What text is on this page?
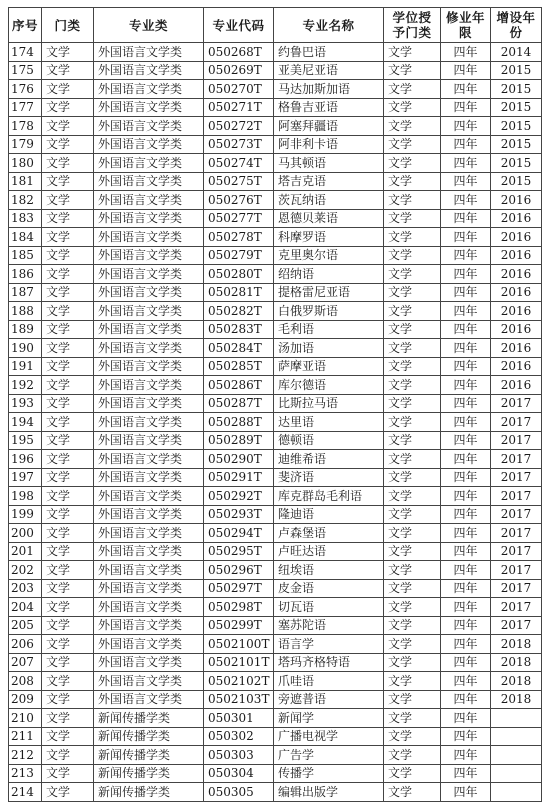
序号	门类	专业类	专业代码	专业名称	学位授予门类	修业年限	增设年份
174	文学	外国语言文学类	050268T	约鲁巴语	文学	四年	2014
175	文学	外国语言文学类	050269T	亚美尼亚语	文学	四年	2015
176	文学	外国语言文学类	050270T	马达加斯加语	文学	四年	2015
177	文学	外国语言文学类	050271T	格鲁吉亚语	文学	四年	2015
178	文学	外国语言文学类	050272T	阿塞拜疆语	文学	四年	2015
179	文学	外国语言文学类	050273T	阿非利卡语	文学	四年	2015
180	文学	外国语言文学类	050274T	马其顿语	文学	四年	2015
181	文学	外国语言文学类	050275T	塔吉克语	文学	四年	2015
182	文学	外国语言文学类	050276T	茨瓦纳语	文学	四年	2016
183	文学	外国语言文学类	050277T	恩德贝莱语	文学	四年	2016
184	文学	外国语言文学类	050278T	科摩罗语	文学	四年	2016
185	文学	外国语言文学类	050279T	克里奥尔语	文学	四年	2016
186	文学	外国语言文学类	050280T	绍纳语	文学	四年	2016
187	文学	外国语言文学类	050281T	提格雷尼亚语	文学	四年	2016
188	文学	外国语言文学类	050282T	白俄罗斯语	文学	四年	2016
189	文学	外国语言文学类	050283T	毛利语	文学	四年	2016
190	文学	外国语言文学类	050284T	汤加语	文学	四年	2016
191	文学	外国语言文学类	050285T	萨摩亚语	文学	四年	2016
192	文学	外国语言文学类	050286T	库尔德语	文学	四年	2016
193	文学	外国语言文学类	050287T	比斯拉马语	文学	四年	2017
194	文学	外国语言文学类	050288T	达里语	文学	四年	2017
195	文学	外国语言文学类	050289T	德顿语	文学	四年	2017
196	文学	外国语言文学类	050290T	迪维希语	文学	四年	2017
197	文学	外国语言文学类	050291T	斐济语	文学	四年	2017
198	文学	外国语言文学类	050292T	库克群岛毛利语	文学	四年	2017
199	文学	外国语言文学类	050293T	隆迪语	文学	四年	2017
200	文学	外国语言文学类	050294T	卢森堡语	文学	四年	2017
201	文学	外国语言文学类	050295T	卢旺达语	文学	四年	2017
202	文学	外国语言文学类	050296T	纽埃语	文学	四年	2017
203	文学	外国语言文学类	050297T	皮金语	文学	四年	2017
204	文学	外国语言文学类	050298T	切瓦语	文学	四年	2017
205	文学	外国语言文学类	050299T	塞苏陀语	文学	四年	2017
206	文学	外国语言文学类	0502100T	语言学	文学	四年	2018
207	文学	外国语言文学类	0502101T	塔玛齐格特语	文学	四年	2018
208	文学	外国语言文学类	0502102T	爪哇语	文学	四年	2018
209	文学	外国语言文学类	0502103T	旁遮普语	文学	四年	2018
210	文学	新闻传播学类	050301	新闻学	文学	四年	
211	文学	新闻传播学类	050302	广播电视学	文学	四年	
212	文学	新闻传播学类	050303	广告学	文学	四年	
213	文学	新闻传播学类	050304	传播学	文学	四年	
214	文学	新闻传播学类	050305	编辑出版学	文学	四年	
